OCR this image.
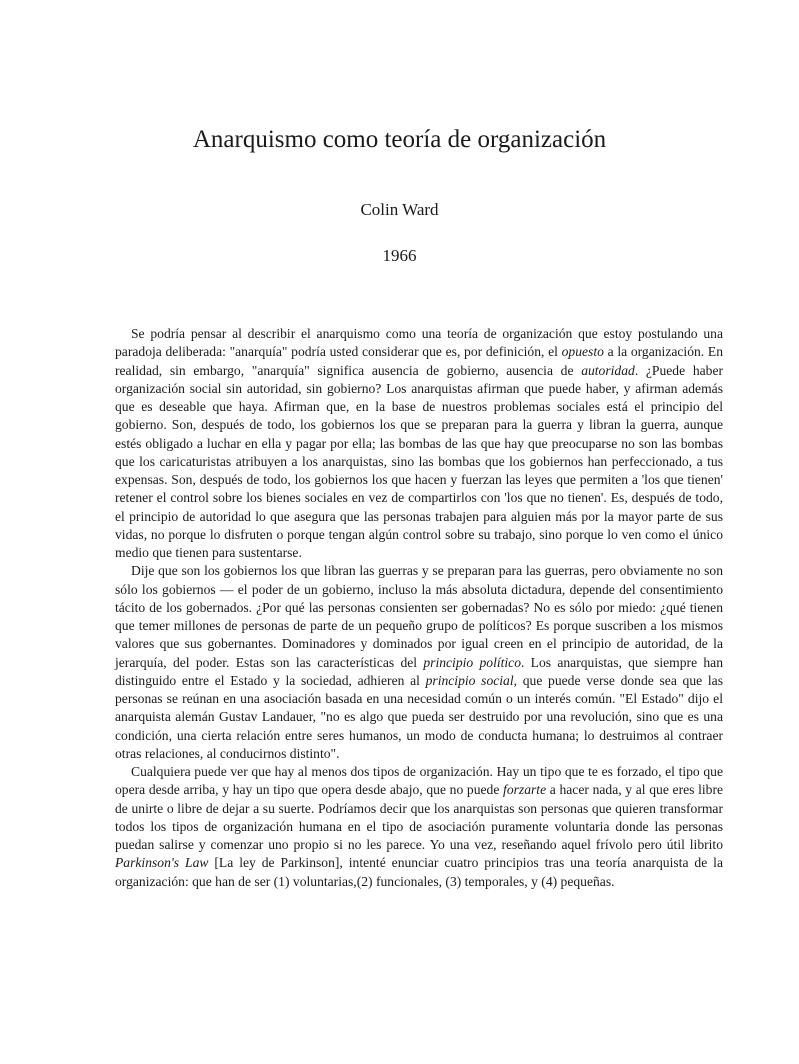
Anarquismo como teoría de organización
Colin Ward
1966

Se podría pensar al describir el anarquismo como una teoría de organización que estoy postulando una paradoja deliberada: "anarquía" podría usted considerar que es, por definición, el opuesto a la organización. En realidad, sin embargo, "anarquía" significa ausencia de gobierno, ausencia de autoridad. ¿Puede haber organización social sin autoridad, sin gobierno? Los anarquistas afirman que puede haber, y afirman además que es deseable que haya. Afirman que, en la base de nuestros problemas sociales está el principio del gobierno. Son, después de todo, los gobiernos los que se preparan para la guerra y libran la guerra, aunque estés obligado a luchar en ella y pagar por ella; las bombas de las que hay que preocuparse no son las bombas que los caricaturistas atribuyen a los anarquistas, sino las bombas que los gobiernos han perfeccionado, a tus expensas. Son, después de todo, los gobiernos los que hacen y fuerzan las leyes que permiten a 'los que tienen' retener el control sobre los bienes sociales en vez de compartirlos con 'los que no tienen'. Es, después de todo, el principio de autoridad lo que asegura que las personas trabajen para alguien más por la mayor parte de sus vidas, no porque lo disfruten o porque tengan algún control sobre su trabajo, sino porque lo ven como el único medio que tienen para sustentarse.

Dije que son los gobiernos los que libran las guerras y se preparan para las guerras, pero obviamente no son sólo los gobiernos — el poder de un gobierno, incluso la más absoluta dictadura, depende del consentimiento tácito de los gobernados. ¿Por qué las personas consienten ser gobernadas? No es sólo por miedo: ¿qué tienen que temer millones de personas de parte de un pequeño grupo de políticos? Es porque suscriben a los mismos valores que sus gobernantes. Dominadores y dominados por igual creen en el principio de autoridad, de la jerarquía, del poder. Estas son las características del principio político. Los anarquistas, que siempre han distinguido entre el Estado y la sociedad, adhieren al principio social, que puede verse donde sea que las personas se reúnan en una asociación basada en una necesidad común o un interés común. "El Estado" dijo el anarquista alemán Gustav Landauer, "no es algo que pueda ser destruido por una revolución, sino que es una condición, una cierta relación entre seres humanos, un modo de conducta humana; lo destruimos al contraer otras relaciones, al conducirnos distinto".

Cualquiera puede ver que hay al menos dos tipos de organización. Hay un tipo que te es forzado, el tipo que opera desde arriba, y hay un tipo que opera desde abajo, que no puede forzarte a hacer nada, y al que eres libre de unirte o libre de dejar a su suerte. Podríamos decir que los anarquistas son personas que quieren transformar todos los tipos de organización humana en el tipo de asociación puramente voluntaria donde las personas puedan salirse y comenzar uno propio si no les parece. Yo una vez, reseñando aquel frívolo pero útil librito Parkinson's Law [La ley de Parkinson], intenté enunciar cuatro principios tras una teoría anarquista de la organización: que han de ser (1) voluntarias,(2) funcionales, (3) temporales, y (4) pequeñas.
